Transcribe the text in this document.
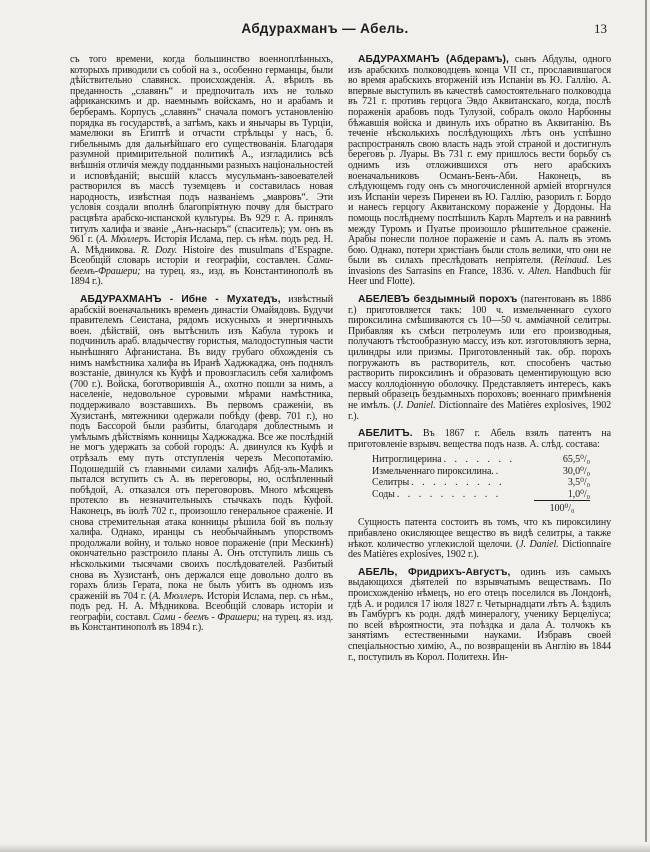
Абдурахманъ — Абель.	13

съ того времени, когда большинство военноплѣнныхъ, которыхъ приводили съ собой на з., особенно германцы, были дѣйствительно славянск. происхожденія. А. вѣрилъ въ преданность „славянъ“ и предпочиталъ ихъ не только африканскимъ и др. наемнымъ войскамъ, но и арабамъ и берберамъ. Корпусъ „славянъ“ сначала помогъ установленію порядка въ государствѣ, а затѣмъ, какъ и янычары въ Турціи, мамелюки въ Египтѣ и отчасти стрѣльцы у насъ, б. гибельнымъ для дальнѣйшаго его существованія. Благодаря разумной примирительной политикѣ А., изгладились всѣ внѣшнія отличія между подданными разныхъ національностей и исповѣданій; высшій классъ мусульманъ-завоевателей растворился въ массѣ туземцевъ и составилась новая народность, извѣстная подъ названіемъ „мавровъ“. Эти условія создали вполнѣ благопріятную почву для быстраго расцвѣта арабско-испанской культуры. Въ 929 г. А. принялъ титулъ халифа и званіе „Анъ-насыръ“ (спаситель); ум. онъ въ 961 г. (А. Мюллеръ. Исторія Ислама, пер. съ нѣм. подъ ред. Н. А. Мѣдникова. R. Dozy. Histoire des musulmans d’Espagne. Всеобщій словарь исторіи и географіи, составлен. Сами-беемъ-Фрашери; на турец. яз., изд. въ Константинополѣ въ 1894 г.).

АБДУРАХМАНЪ - Ибне - Мухатедъ, извѣстный арабскій военачальникъ временъ династіи Омайядовъ. Будучи правителемъ Сеистана, рядомъ искусныхъ и энергичныхъ воен. дѣйствій, онъ вытѣснилъ изъ Кабула турокъ и подчинилъ араб. владычеству гористыя, малодоступныя части нынѣшняго Афганистана. Въ виду грубаго обхожденія съ нимъ намѣстника халифа въ Иранѣ Хаджжаджа, онъ поднялъ возстаніе, двинулся къ Куфѣ и провозгласилъ себя халифомъ (700 г.). Войска, боготворившія А., охотно пошли за нимъ, а населеніе, недовольное суровыми мѣрами намѣстника, поддерживало возставшихъ. Въ первомъ сраженіи, въ Хузистанѣ, мятежники одержали побѣду (февр. 701 г.), но подъ Бассорой были разбиты, благодаря доблестнымъ и умѣлымъ дѣйствіямъ конницы Хаджжаджа. Все же послѣдній не могъ удержать за собой городъ: А. двинулся къ Куфѣ и отрѣзалъ ему путь отступленія черезъ Месопотамію. Подошедшій съ главными силами халифъ Абд-эль-Маликъ пытался вступить съ А. въ переговоры, но, ослѣпленный побѣдой, А. отказался отъ переговоровъ. Много мѣсяцевъ протекло въ незначительныхъ стычкахъ подъ Куфой. Наконецъ, въ іюлѣ 702 г., произошло генеральное сраженіе. И снова стремительная атака конницы рѣшила бой въ пользу халифа. Однако, иранцы съ необычайнымъ упорствомъ продолжали войну, и только новое пораженіе (при Мескинѣ) окончательно разстроило планы А. Онъ отступилъ лишь съ нѣсколькими тысячами своихъ послѣдователей. Разбитый снова въ Хузистанѣ, онъ держался еще довольно долго въ горахъ близь Герата, пока не былъ убитъ въ одномъ изъ сраженій въ 704 г. (А. Мюллеръ. Исторія Ислама, пер. съ нѣм., подъ ред. Н. А. Мѣдникова. Всеобщій словарь исторіи и географіи, составл. Сами - беемъ - Фрашери; на турец. яз. изд. въ Константинополѣ въ 1894 г.).

АБДУРАХМАНЪ (Абдерамъ), сынъ Абдулы, одного изъ арабскихъ полководцевъ конца VII ст., прославившагося во время арабскихъ вторженій изъ Испаніи въ Ю. Галлію. А. впервые выступилъ въ качествѣ самостоятельнаго полководца въ 721 г. противъ герцога Эвдо Аквитанскаго, когда, послѣ пораженія арабовъ подъ Тулузой, собралъ около Нарбонны бѣжавшія войска и двинулъ ихъ обратно въ Аквитанію. Въ теченіе нѣсколькихъ послѣдующихъ лѣтъ онъ успѣшно распространялъ свою власть надъ этой страной и достигнулъ береговъ р. Луары. Въ 731 г. ему пришлось вести борьбу съ однимъ изъ отложившихся отъ него арабскихъ военачальниковъ Османъ-Бенъ-Аби. Наконецъ, въ слѣдующемъ году онъ съ многочисленной арміей вторгнулся изъ Испаніи черезъ Пиренеи въ Ю. Галлію, разорилъ г. Бордо и нанесъ герцогу Аквитанскому пораженіе у Дордоны. На помощь послѣднему поспѣшилъ Карлъ Мартелъ и на равнинѣ между Туромъ и Пуатье произошло рѣшительное сраженіе. Арабы понесли полное пораженіе и самъ А. палъ въ этомъ бою. Однако, потери христіанъ были столь велики, что они не были въ силахъ преслѣдовать непріятеля. (Reinaud. Les invasions des Sarrasins en France, 1836. v. Alten. Handbuch für Heer und Flotte).

АБЕЛЕВЪ бездымный порохъ (патентованъ въ 1886 г.) приготовляется такъ: 100 ч. измельченнаго сухого пироксилина смѣшиваются съ 10—50 ч. амміачной селитры. Прибавляя къ смѣси петролеумъ или его производныя, получаютъ тѣстообразную массу, изъ кот. изготовляютъ зерна, цилиндры или призмы. Приготовленный так. обр. порохъ погружаютъ въ растворитель, кот. способенъ частью растворить пироксилинъ и образовать цементирующую всю массу коллодіонную оболочку. Представляетъ интересъ, какъ первый образецъ бездымныхъ пороховъ; военнаго примѣненія не имѣлъ. (J. Daniel. Dictionnaire des Matières explosives, 1902 г.).

АБЕЛИТЪ. Въ 1867 г. Абель взялъ патентъ на приготовленіе взрывч. вещества подъ назв. А. слѣд. состава:

Нитроглицерина . . . . . . .	65,5⁰/₀
Измельченнаго пироксилина. .	30,0⁰/₀
Селитры . . . . . . . . .	3,5⁰/₀
Соды . . . . . . . . . .	1,0⁰/₀
100⁰/₀

Сущность патента состоитъ въ томъ, что къ пироксилину прибавлено окисляющее вещество въ видѣ селитры, а также нѣкот. количество углекислой щелочи. (J. Daniel. Dictionnaire des Matières explosives, 1902 г.).

АБЕЛЬ, Фридрихъ-Августъ, одинъ изъ самыхъ выдающихся дѣятелей по взрывчатымъ веществамъ. По происхожденію нѣмецъ, но его отецъ поселился въ Лондонѣ, гдѣ А. и родился 17 іюля 1827 г. Четырнадцати лѣтъ А. ѣздилъ въ Гамбургъ къ родн. дядѣ минералогу, ученику Берцеліуса; по всей вѣроятности, эта поѣздка и дала А. толчокъ къ занятіямъ естественными науками. Избравъ своей спеціальностью химію, А., по возвращеніи въ Англію въ 1844 г., поступилъ въ Корол. Политехн. Ин-
